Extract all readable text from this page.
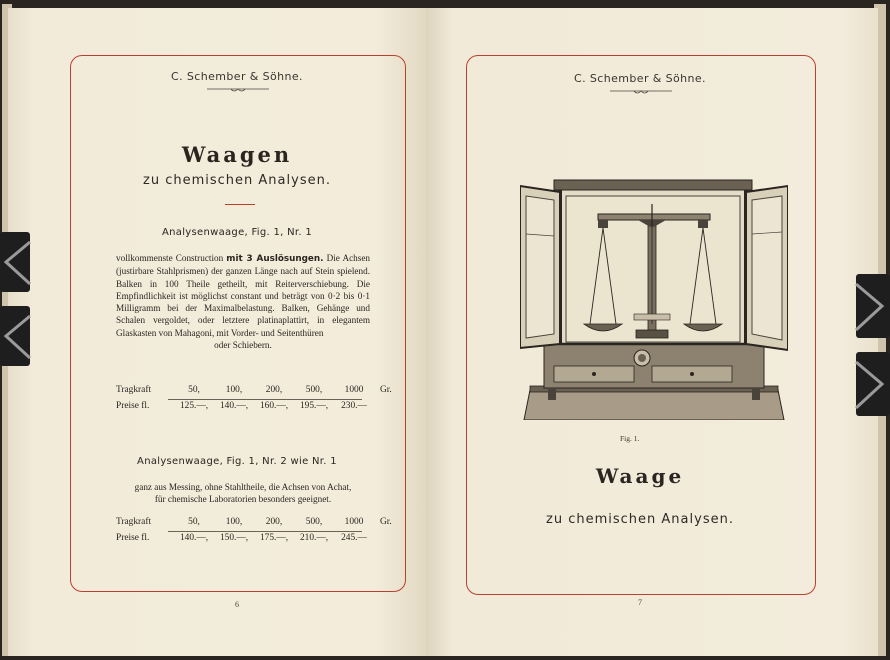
C. Schember & Söhne.
Waagen
zu chemischen Analysen.
Analysenwaage, Fig. 1, Nr. 1
vollkommenste Construction mit 3 Auslösungen. Die Achsen (justirbare Stahlprismen) der ganzen Länge nach auf Stein spielend. Balken in 100 Theile getheilt, mit Reiterverschiebung. Die Empfindlichkeit ist möglichst constant und beträgt von 0·2 bis 0·1 Milligramm bei der Maximalbelastung. Balken, Gehänge und Schalen vergoldet, oder letztere platinaplattirt, in elegantem Glaskasten von Mahagoni, mit Vorder- und Seitenthüren
oder Schiebern.
Tragkraft	50,	100,	200,	500,	1000	Gr.
Preise fl.	125.—,	140.—,	160.—,	195.—,	230.—
Analysenwaage, Fig. 1, Nr. 2 wie Nr. 1
ganz aus Messing, ohne Stahltheile, die Achsen von Achat,
für chemische Laboratorien besonders geeignet.
Tragkraft	50,	100,	200,	500,	1000	Gr.
Preise fl.	140.—,	150.—,	175.—,	210.—,	245.—
6
C. Schember & Söhne.
Fig. 1.
Waage
zu chemischen Analysen.
7
